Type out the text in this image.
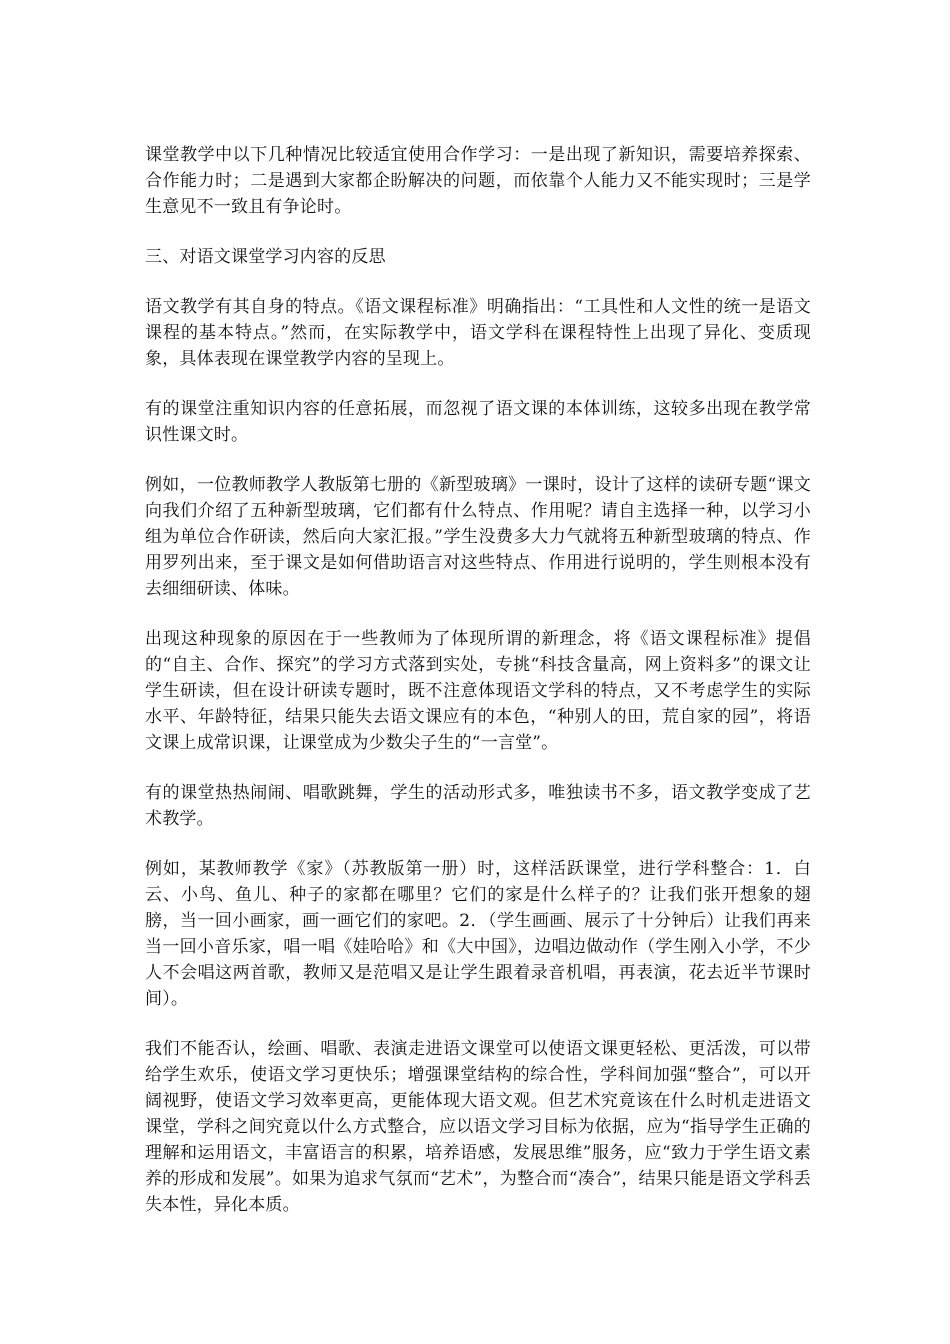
课堂教学中以下几种情况比较适宜使用合作学习：一是出现了新知识，需要培养探索、合作能力时；二是遇到大家都企盼解决的问题，而依靠个人能力又不能实现时；三是学生意见不一致且有争论时。

三、对语文课堂学习内容的反思

语文教学有其自身的特点。《语文课程标准》明确指出：“工具性和人文性的统一是语文课程的基本特点。”然而，在实际教学中，语文学科在课程特性上出现了异化、变质现象，具体表现在课堂教学内容的呈现上。

有的课堂注重知识内容的任意拓展，而忽视了语文课的本体训练，这较多出现在教学常识性课文时。

例如，一位教师教学人教版第七册的《新型玻璃》一课时，设计了这样的读研专题“课文向我们介绍了五种新型玻璃，它们都有什么特点、作用呢？请自主选择一种，以学习小组为单位合作研读，然后向大家汇报。”学生没费多大力气就将五种新型玻璃的特点、作用罗列出来，至于课文是如何借助语言对这些特点、作用进行说明的，学生则根本没有去细细研读、体味。

出现这种现象的原因在于一些教师为了体现所谓的新理念，将《语文课程标准》提倡的“自主、合作、探究”的学习方式落到实处，专挑“科技含量高，网上资料多”的课文让学生研读，但在设计研读专题时，既不注意体现语文学科的特点，又不考虑学生的实际水平、年龄特征，结果只能失去语文课应有的本色，“种别人的田，荒自家的园”，将语文课上成常识课，让课堂成为少数尖子生的“一言堂”。

有的课堂热热闹闹、唱歌跳舞，学生的活动形式多，唯独读书不多，语文教学变成了艺术教学。

例如，某教师教学《家》（苏教版第一册）时，这样活跃课堂，进行学科整合：1．白云、小鸟、鱼儿、种子的家都在哪里？它们的家是什么样子的？让我们张开想象的翅膀，当一回小画家，画一画它们的家吧。2．（学生画画、展示了十分钟后）让我们再来当一回小音乐家，唱一唱《娃哈哈》和《大中国》，边唱边做动作（学生刚入小学，不少人不会唱这两首歌，教师又是范唱又是让学生跟着录音机唱，再表演，花去近半节课时间）。

我们不能否认，绘画、唱歌、表演走进语文课堂可以使语文课更轻松、更活泼，可以带给学生欢乐，使语文学习更快乐；增强课堂结构的综合性，学科间加强“整合”，可以开阔视野，使语文学习效率更高，更能体现大语文观。但艺术究竟该在什么时机走进语文课堂，学科之间究竟以什么方式整合，应以语文学习目标为依据，应为“指导学生正确的理解和运用语文，丰富语言的积累，培养语感，发展思维”服务，应“致力于学生语文素养的形成和发展”。如果为追求气氛而“艺术”，为整合而“凑合”，结果只能是语文学科丢失本性，异化本质。
